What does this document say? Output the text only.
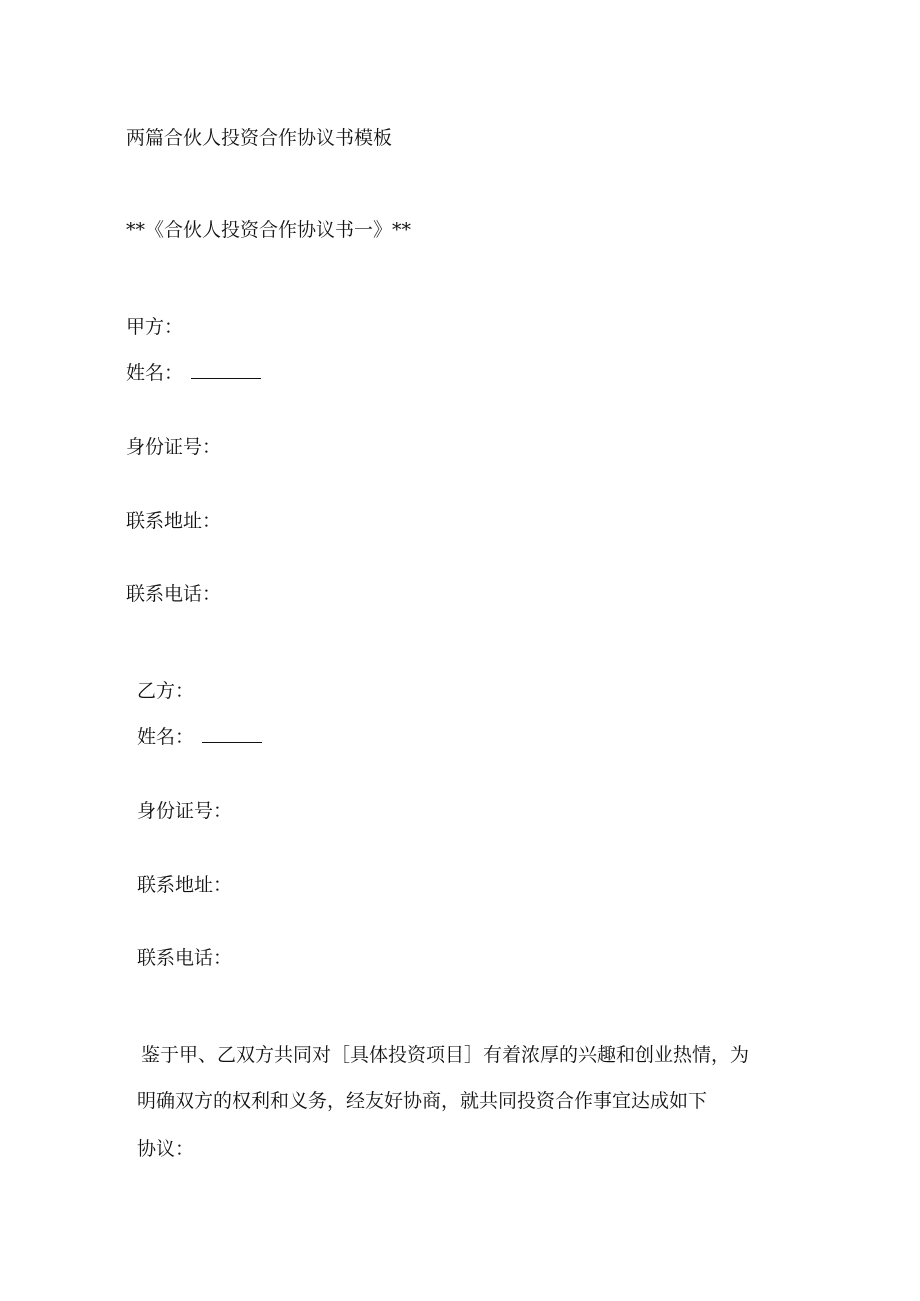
两篇合伙人投资合作协议书模板
**《合伙人投资合作协议书一》**
甲方：
姓名：
身份证号：
联系地址：
联系电话：
乙方：
姓名：
身份证号：
联系地址：
联系电话：
鉴于甲、乙双方共同对［具体投资项目］有着浓厚的兴趣和创业热情，为
明确双方的权利和义务，经友好协商，就共同投资合作事宜达成如下
协议：
